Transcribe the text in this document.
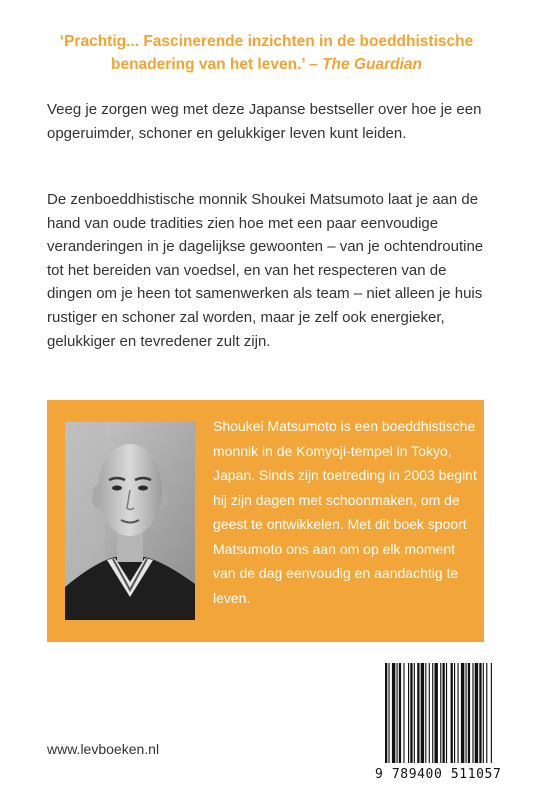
‘Prachtig... Fascinerende inzichten in de boeddhistische
benadering van het leven.’ – The Guardian

Veeg je zorgen weg met deze Japanse bestseller over hoe je een opgeruimder, schoner en gelukkiger leven kunt leiden.

De zenboeddhistische monnik Shoukei Matsumoto laat je aan de hand van oude tradities zien hoe met een paar eenvoudige veranderingen in je dagelijkse gewoonten – van je ochtendroutine tot het bereiden van voedsel, en van het respecteren van de dingen om je heen tot samenwerken als team – niet alleen je huis rustiger en schoner zal worden, maar je zelf ook energieker, gelukkiger en tevredener zult zijn.

Shoukei Matsumoto is een boeddhistische monnik in de Komyoji-tempel in Tokyo, Japan. Sinds zijn toetreding in 2003 begint hij zijn dagen met schoonmaken, om de geest te ontwikkelen. Met dit boek spoort Matsumoto ons aan om op elk moment van de dag eenvoudig en aandachtig te leven.

www.levboeken.nl
9 789400 511057
